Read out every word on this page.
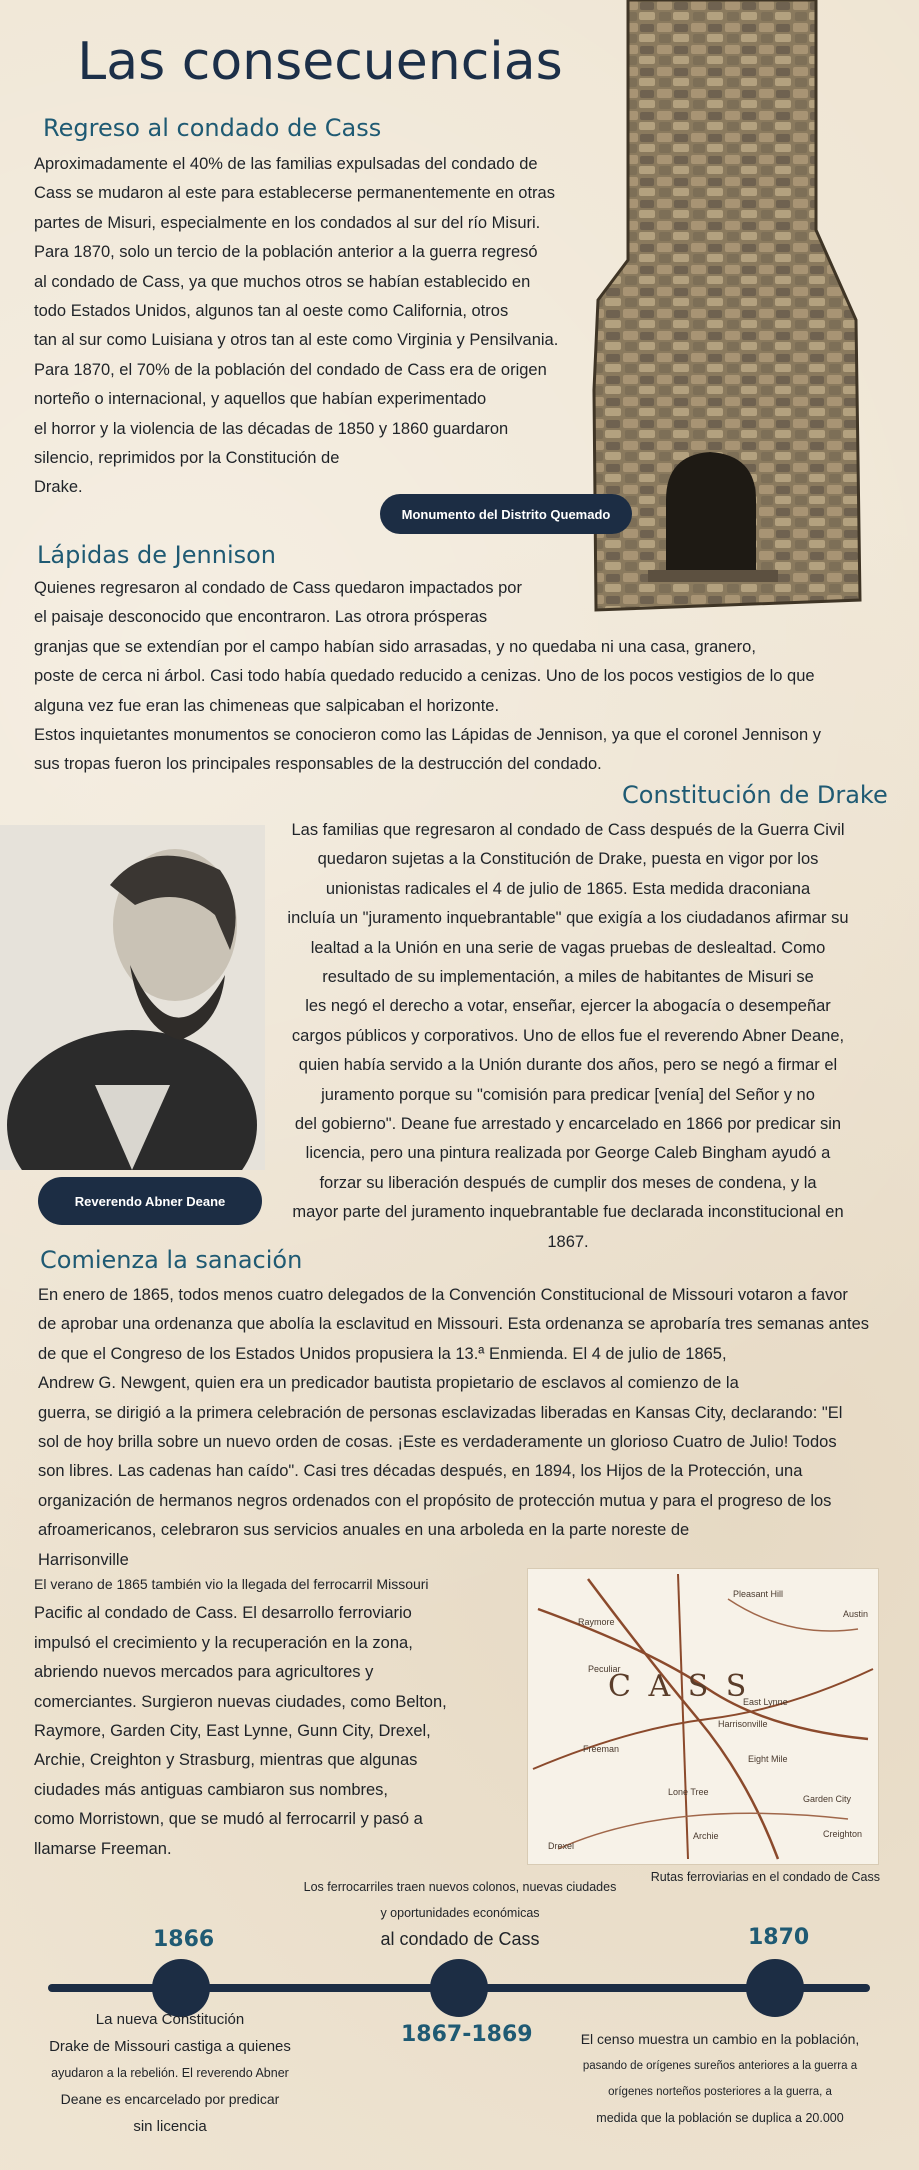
Las consecuencias
Monumento del Distrito Quemado
Regreso al condado de Cass

Aproximadamente el 40% de las familias expulsadas del condado de

Cass se mudaron al este para establecerse permanentemente en otras

partes de Misuri, especialmente en los condados al sur del río Misuri.

Para 1870, solo un tercio de la población anterior a la guerra regresó

al condado de Cass, ya que muchos otros se habían establecido en

todo Estados Unidos, algunos tan al oeste como California, otros

tan al sur como Luisiana y otros tan al este como Virginia y Pensilvania.

Para 1870, el 70% de la población del condado de Cass era de origen

norteño o internacional, y aquellos que habían experimentado

el horror y la violencia de las décadas de 1850 y 1860 guardaron

silencio, reprimidos por la Constitución de

Drake.

Lápidas de Jennison

Quienes regresaron al condado de Cass quedaron impactados por

el paisaje desconocido que encontraron. Las otrora prósperas

granjas que se extendían por el campo habían sido arrasadas, y no quedaba ni una casa, granero,

poste de cerca ni árbol. Casi todo había quedado reducido a cenizas. Uno de los pocos vestigios de lo que

alguna vez fue eran las chimeneas que salpicaban el horizonte.

Estos inquietantes monumentos se conocieron como las Lápidas de Jennison, ya que el coronel Jennison y

sus tropas fueron los principales responsables de la destrucción del condado.

Constitución de Drake
Reverendo Abner Deane

Las familias que regresaron al condado de Cass después de la Guerra Civil

quedaron sujetas a la Constitución de Drake, puesta en vigor por los

unionistas radicales el 4 de julio de 1865. Esta medida draconiana

incluía un "juramento inquebrantable" que exigía a los ciudadanos afirmar su

lealtad a la Unión en una serie de vagas pruebas de deslealtad. Como

resultado de su implementación, a miles de habitantes de Misuri se

les negó el derecho a votar, enseñar, ejercer la abogacía o desempeñar

cargos públicos y corporativos. Uno de ellos fue el reverendo Abner Deane,

quien había servido a la Unión durante dos años, pero se negó a firmar el

juramento porque su "comisión para predicar [venía] del Señor y no

del gobierno". Deane fue arrestado y encarcelado en 1866 por predicar sin

licencia, pero una pintura realizada por George Caleb Bingham ayudó a

forzar su liberación después de cumplir dos meses de condena, y la

mayor parte del juramento inquebrantable fue declarada inconstitucional en

1867.

Comienza la sanación

En enero de 1865, todos menos cuatro delegados de la Convención Constitucional de Missouri votaron a favor

de aprobar una ordenanza que abolía la esclavitud en Missouri. Esta ordenanza se aprobaría tres semanas antes

de que el Congreso de los Estados Unidos propusiera la 13.ª Enmienda. El 4 de julio de 1865,

Andrew G. Newgent, quien era un predicador bautista propietario de esclavos al comienzo de la

guerra, se dirigió a la primera celebración de personas esclavizadas liberadas en Kansas City, declarando: "El

sol de hoy brilla sobre un nuevo orden de cosas. ¡Este es verdaderamente un glorioso Cuatro de Julio! Todos

son libres. Las cadenas han caído". Casi tres décadas después, en 1894, los Hijos de la Protección, una

organización de hermanos negros ordenados con el propósito de protección mutua y para el progreso de los

afroamericanos, celebraron sus servicios anuales en una arboleda en la parte noreste de

Harrisonville

El verano de 1865 también vio la llegada del ferrocarril Missouri

Pacific al condado de Cass. El desarrollo ferroviario

impulsó el crecimiento y la recuperación en la zona,

abriendo nuevos mercados para agricultores y

comerciantes. Surgieron nuevas ciudades, como Belton,

Raymore, Garden City, East Lynne, Gunn City, Drexel,

Archie, Creighton y Strasburg, mientras que algunas

ciudades más antiguas cambiaron sus nombres,

como Morristown, que se mudó al ferrocarril y pasó a

llamarse Freeman.

C A S S
Raymore
Pleasant Hill
Peculiar
East Lynne
Harrisonville
Freeman
Eight Mile
Lone Tree
Garden City
Drexel
Archie	Creighton
Austin
Rutas ferroviarias en el condado de Cass
Los ferrocarriles traen nuevos colonos, nuevas ciudades
y oportunidades económicas
al condado de Cass
1866
La nueva Constitución
Drake de Missouri castiga a quienes
ayudaron a la rebelión. El reverendo Abner
Deane es encarcelado por predicar
sin licencia
1867-1869
1870
El censo muestra un cambio en la población,
pasando de orígenes sureños anteriores a la guerra a
orígenes norteños posteriores a la guerra, a
medida que la población se duplica a 20.000
